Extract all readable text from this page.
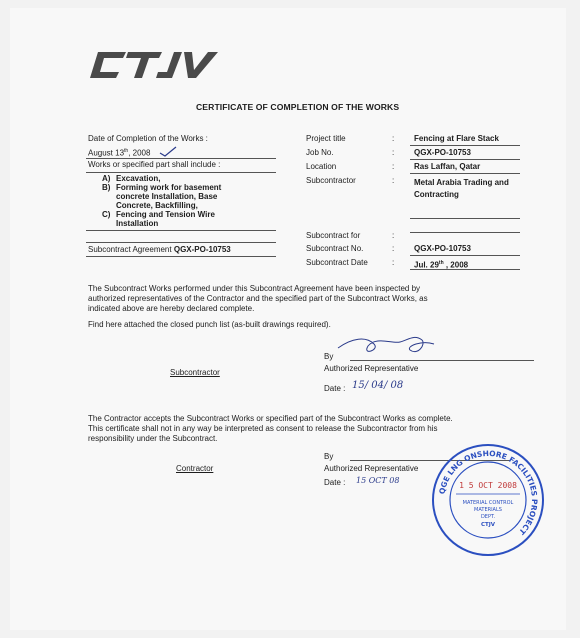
CERTIFICATE OF COMPLETION OF THE WORKS
Date of Completion of the Works :
August 13th, 2008
Works or specified part shall include :
A) Excavation,
B) Forming work for basement
concrete Installation, Base
Concrete, Backfilling,
C) Fencing and Tension Wire
Installation
Subcontract Agreement QGX-PO-10753
Project title	: Fencing at Flare Stack
Job No.	: QGX-PO-10753
Location	: Ras Laffan, Qatar
Subcontractor	: Metal Arabia Trading and
Contracting
Subcontract for	:
Subcontract No.	: QGX-PO-10753
Subcontract Date	: Jul. 29th , 2008
The Subcontract Works performed under this Subcontract Agreement have been inspected by
authorized representatives of the Contractor and the specified part of the Subcontract Works, as
indicated above are hereby declared complete.
Find here attached the closed punch list (as-built drawings required).
By
Authorized Representative
Subcontractor
Date : 15/ 04/ 08
The Contractor accepts the Subcontract Works or specified part of the Subcontract Works as complete.
This certificate shall not in any way be interpreted as consent to release the Subcontractor from his
responsibility under the Subcontract.
By
Authorized Representative
Contractor
Date : 15 OCT 08
QGE LNG ONSHORE FACILITIES PROJECT
1 5 OCT 2008
MATERIAL CONTROL
MATERIALS
DEPT.
CTJV
